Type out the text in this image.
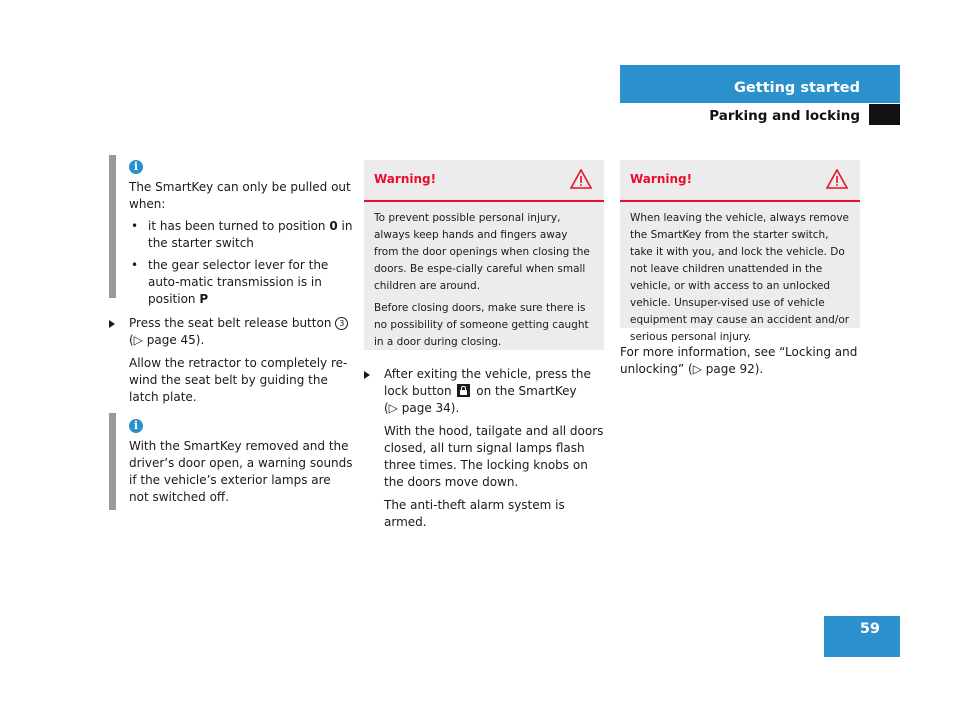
Getting started
Parking and locking
i

The SmartKey can only be pulled out when:

• it has been turned to position 0 in the starter switch

• the gear selector lever for the auto-matic transmission is in position P

Press the seat belt release button 3

(▷ page 45).

Allow the retractor to completely re-wind the seat belt by guiding the latch plate.

i
With the SmartKey removed and the driver’s door open, a warning sounds if the vehicle’s exterior lamps are not switched off.
Warning!

To prevent possible personal injury, always keep hands and fingers away from the door openings when closing the doors. Be espe-cially careful when small children are around.

Before closing doors, make sure there is no possibility of someone getting caught in a door during closing.

After exiting the vehicle, press the lock button  on the SmartKey

(▷ page 34).

With the hood, tailgate and all doors closed, all turn signal lamps flash three times. The locking knobs on the doors move down.

The anti-theft alarm system is armed.

Warning!

When leaving the vehicle, always remove the SmartKey from the starter switch, take it with you, and lock the vehicle. Do not leave children unattended in the vehicle, or with access to an unlocked vehicle. Unsuper-vised use of vehicle equipment may cause an accident and/or serious personal injury.

For more information, see “Locking and unlocking” (▷ page 92).
59
